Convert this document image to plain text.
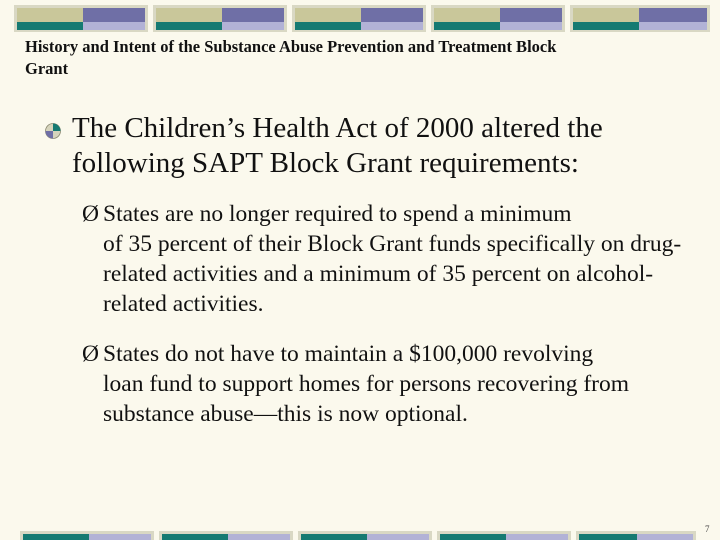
History and Intent of the Substance Abuse Prevention and Treatment Block Grant
The Children’s Health Act of 2000 altered the following SAPT Block Grant requirements:
Ø States are no longer required to spend a minimum
of 35 percent of their Block Grant funds specifically on drug-related activities and a minimum of 35 percent on alcohol-related activities.
Ø States do not have to maintain a $100,000 revolving
loan fund to support homes for persons recovering from substance abuse—this is now optional.
7
